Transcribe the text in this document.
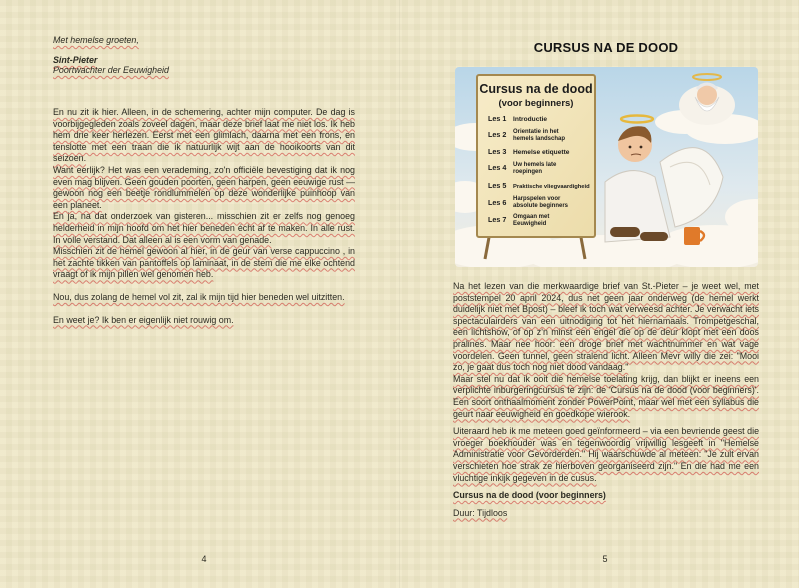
Met hemelse groeten,

Sint-Pieter

Poortwachter der Eeuwigheid

En nu zit ik hier. Alleen, in de schemering, achter mijn computer. De dag is voorbijgegleden zoals zoveel dagen, maar deze brief laat me niet los. Ik heb hem drie keer herlezen. Eerst met een glimlach, daarna met een frons, en tenslotte met een traan die ik natuurlijk wijt aan de hooikoorts van dit seizoen.

Want eerlijk? Het was een verademing, zo'n officiële bevestiging dat ik nog even mag blijven. Geen gouden poorten, geen harpen, geen eeuwige rust — gewoon nog een beetje rondlummelen op deze wonderlijke puinhoop van een planeet.

En ja, na dat onderzoek van gisteren... misschien zit er zelfs nog genoeg helderheid in mijn hoofd om het hier beneden écht af te maken. In alle rust. In volle verstand. Dat alleen al is een vorm van genade.

Misschien zit de hemel gewoon al hier, in de geur van verse cappuccino , in het zachte tikken van pantoffels op laminaat, in de stem die me elke ochtend vraagt of ik mijn pillen wel genomen heb.

Nou, dus zolang de hemel vol zit, zal ik mijn tijd hier beneden wel uitzitten.

En weet je? Ik ben er eigenlijk niet rouwig om.

4
CURSUS NA DE DOOD
Cursus na de dood
(voor beginners)
Les 1 Introductie
Les 2 Orientatie in het
hemels landschap
Les 3 Hemelse etiquette
Les 4 Uw hemels late
roepingen
Les 5 Praktische vliegvaardigheid
Les 6 Harpspelen voor
absolute beginners
Les 7 Omgaan met
Eeuwigheid

Na het lezen van die merkwaardige brief van St.-Pieter – je weet wel, met poststempel 20 april 2024, dus net geen jaar onderweg (de hemel werkt duidelijk niet met Bpost) – bleef ik toch wat verweesd achter. Je verwacht iets spectaculairders van een uitnodiging tot het hiernamaals. Trompetgeschal, een lichtshow, of op z'n minst een engel die op de deur klopt met een doos pralines. Maar nee hoor: een droge brief met wachtnummer en wat vage voordelen. Geen tunnel, geen stralend licht. Alleen Mevr willy die zei: "Mooi zo, je gaat dus toch nog niet dood vandaag."

Maar stel nu dat ik ooit die hemelse toelating krijg, dan blijkt er ineens een verplichte inburgeringcursus te zijn: de 'Cursus na de dood (voor beginners)'. Een soort onthaalmoment zonder PowerPoint, maar wel met een syllabus die geurt naar eeuwigheid en goedkope wierook.

Uiteraard heb ik me meteen goed geïnformeerd – via een bevriende geest die vroeger boekhouder was en tegenwoordig vrijwillig lesgeeft in "Hemelse Administratie voor Gevorderden." Hij waarschuwde al meteen: "Je zult ervan verschieten hoe strak ze hierboven georganiseerd zijn." En die had me een vluchtige inkijk gegeven in de cusus.

Cursus na de dood (voor beginners)

Duur: Tijdloos

5
